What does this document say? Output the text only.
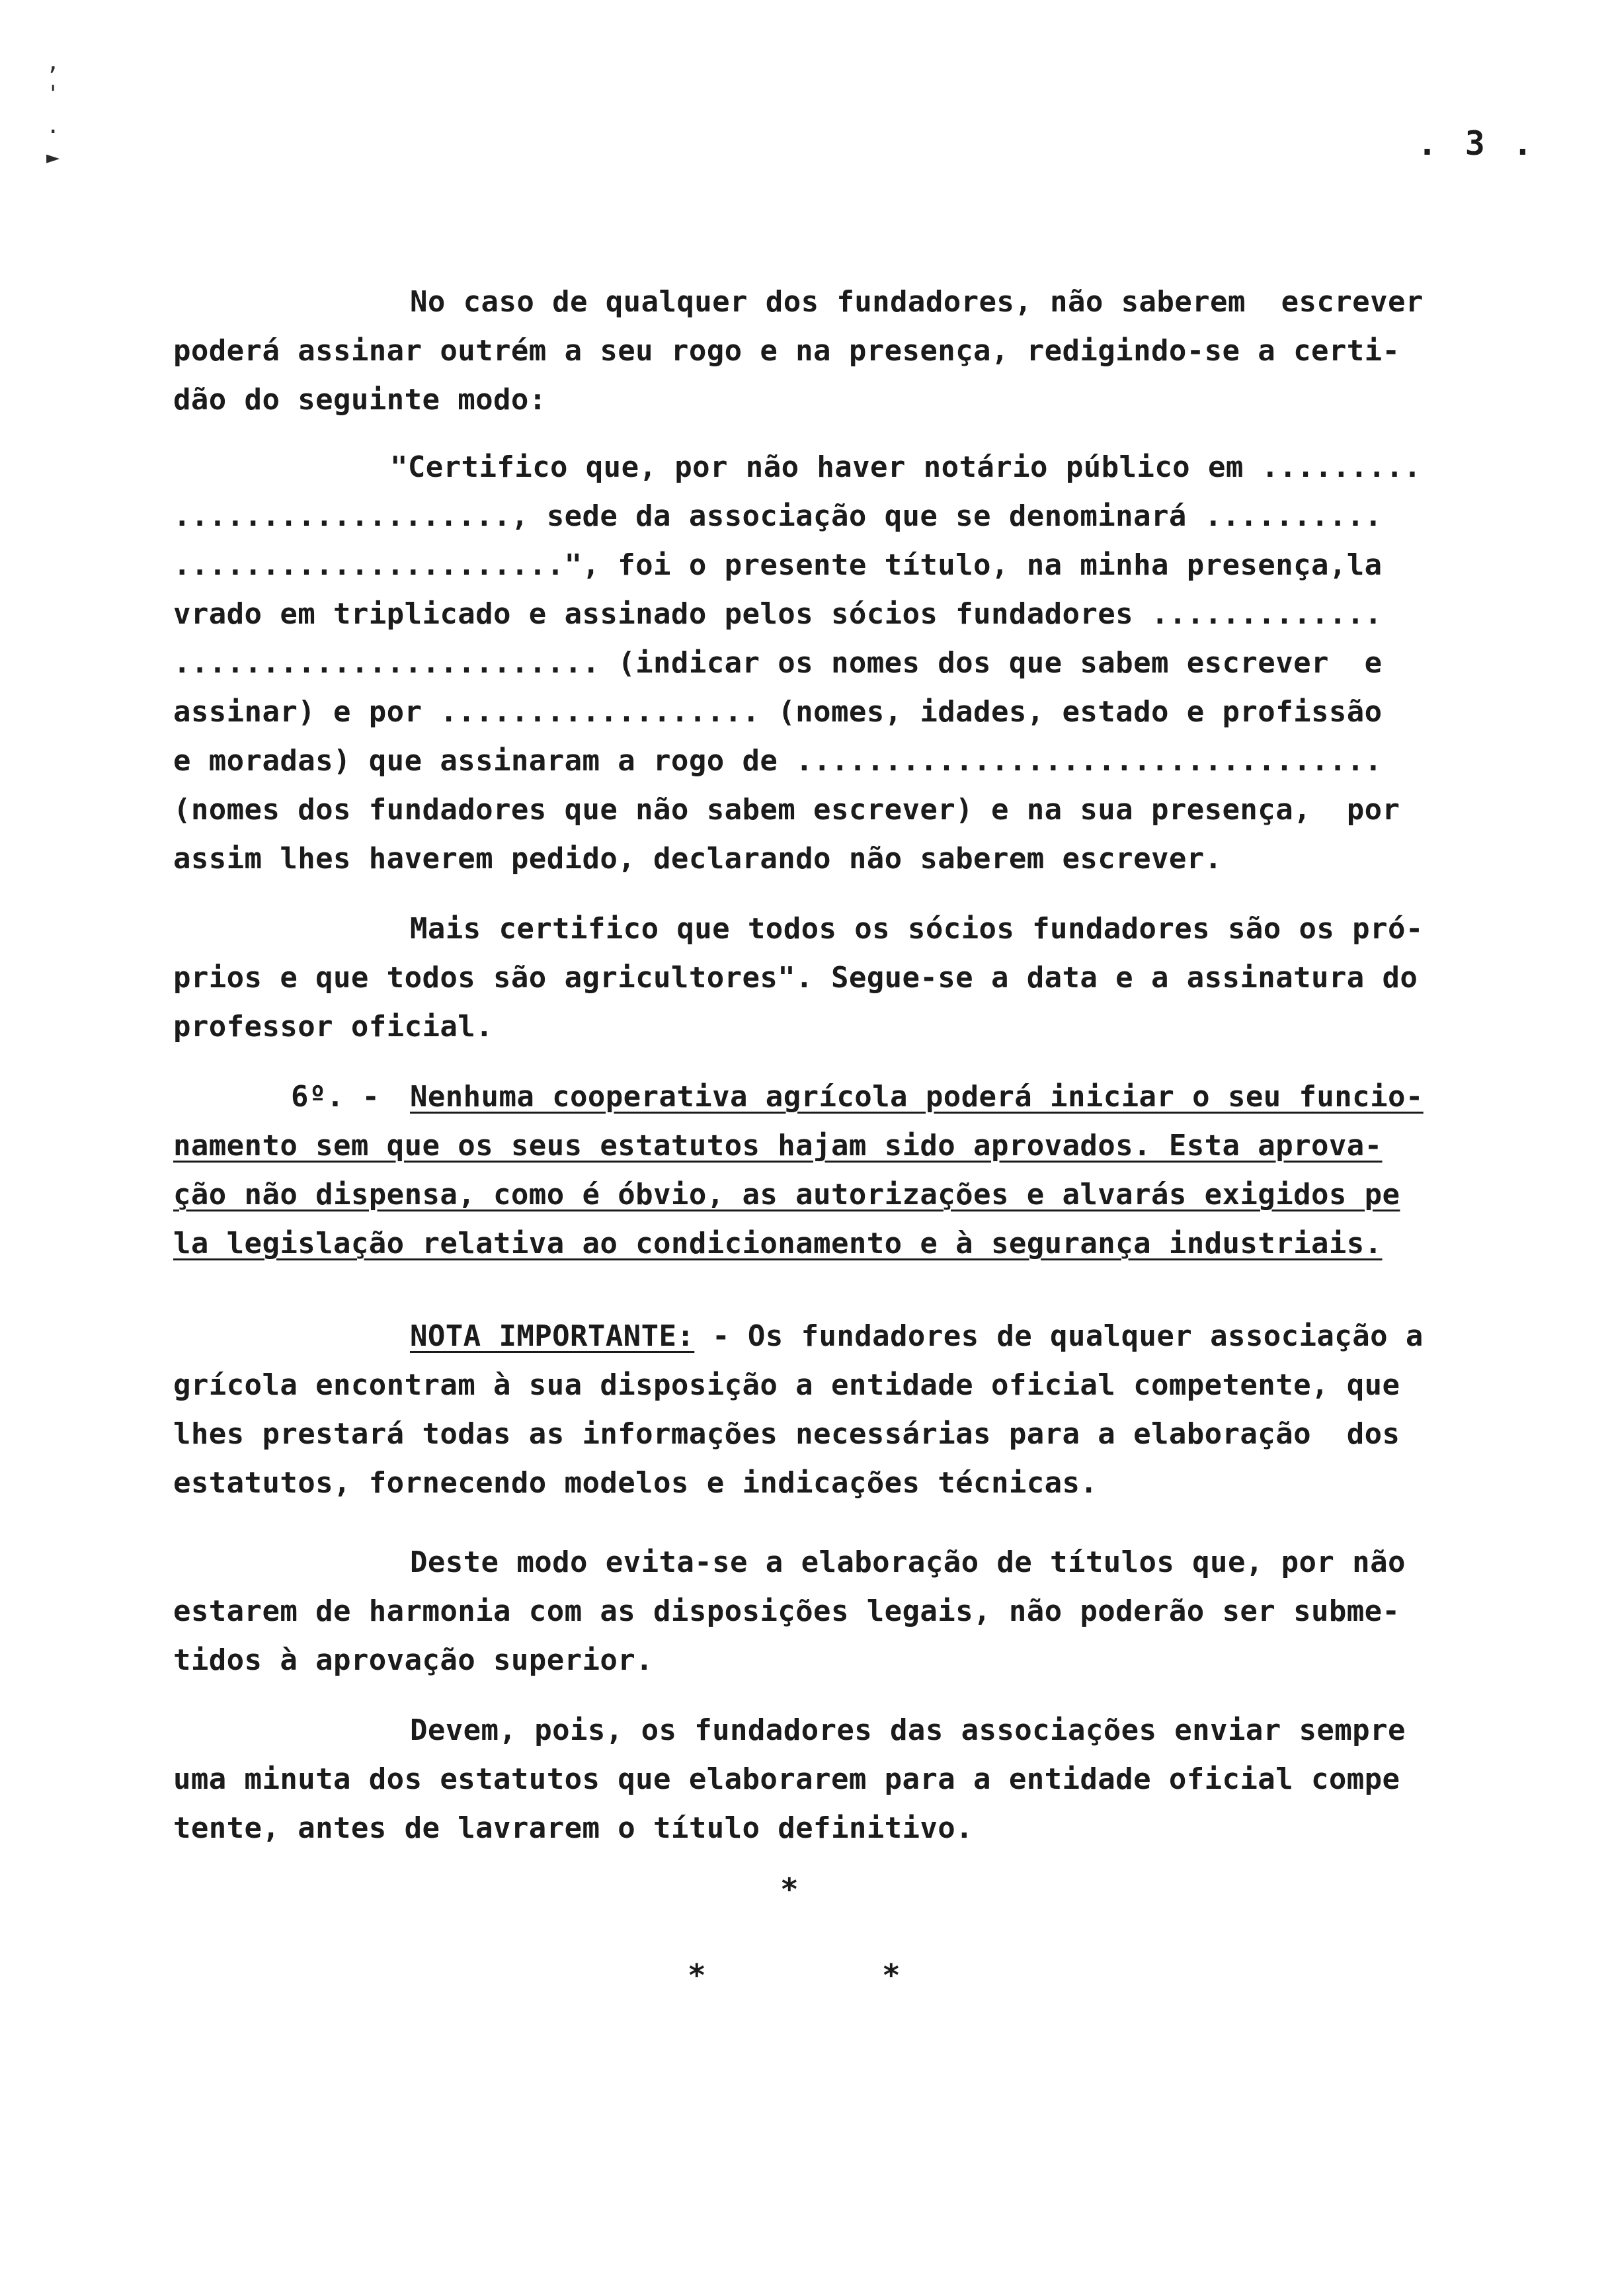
,
'
.
►	. 3 .
No caso de qualquer dos fundadores, não saberem  escrever
poderá assinar outrém a seu rogo e na presença, redigindo-se a certi-
dão do seguinte modo:
"Certifico que, por não haver notário público em .........
..................., sede da associação que se denominará ..........
......................", foi o presente título, na minha presença,la
vrado em triplicado e assinado pelos sócios fundadores .............
........................ (indicar os nomes dos que sabem escrever  e
assinar) e por .................. (nomes, idades, estado e profissão
e moradas) que assinaram a rogo de .................................
(nomes dos fundadores que não sabem escrever) e na sua presença,  por
assim lhes haverem pedido, declarando não saberem escrever.
Mais certifico que todos os sócios fundadores são os pró-
prios e que todos são agricultores". Segue-se a data e a assinatura do
professor oficial.
6º. -	Nenhuma cooperativa agrícola poderá iniciar o seu funcio-
namento sem que os seus estatutos hajam sido aprovados. Esta aprova-
ção não dispensa, como é óbvio, as autorizações e alvarás exigidos pe
la legislação relativa ao condicionamento e à segurança industriais.
NOTA IMPORTANTE: - Os fundadores de qualquer associação a
grícola encontram à sua disposição a entidade oficial competente, que
lhes prestará todas as informações necessárias para a elaboração  dos
estatutos, fornecendo modelos e indicações técnicas.
Deste modo evita-se a elaboração de títulos que, por não
estarem de harmonia com as disposições legais, não poderão ser subme-
tidos à aprovação superior.
Devem, pois, os fundadores das associações enviar sempre
uma minuta dos estatutos que elaborarem para a entidade oficial compe
tente, antes de lavrarem o título definitivo.
*
*	*
